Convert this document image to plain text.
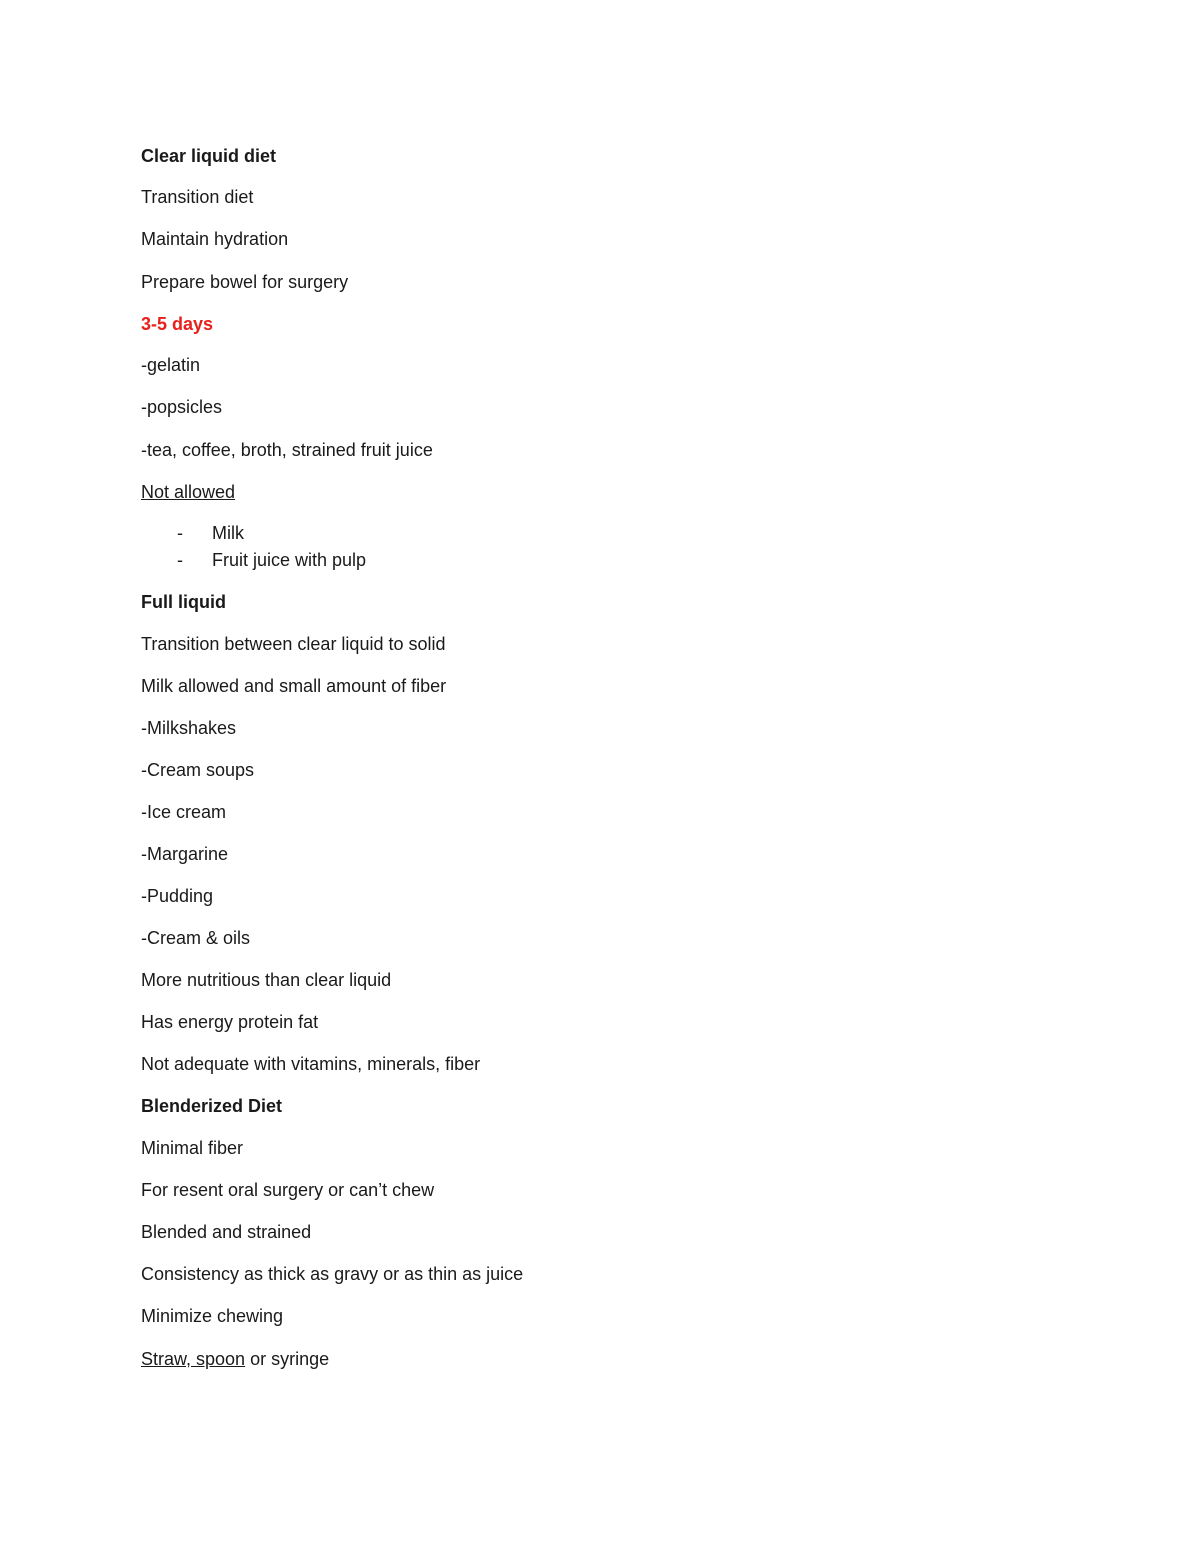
Clear liquid diet
Transition diet
Maintain hydration
Prepare bowel for surgery
3-5 days
-gelatin
-popsicles
-tea, coffee, broth, strained fruit juice
Not allowed
- Milk
- Fruit juice with pulp
Full liquid
Transition between clear liquid to solid
Milk allowed and small amount of fiber
-Milkshakes
-Cream soups
-Ice cream
-Margarine
-Pudding
-Cream & oils
More nutritious than clear liquid
Has energy protein fat
Not adequate with vitamins, minerals, fiber
Blenderized Diet
Minimal fiber
For resent oral surgery or can’t chew
Blended and strained
Consistency as thick as gravy or as thin as juice
Minimize chewing
Straw, spoon or syringe
